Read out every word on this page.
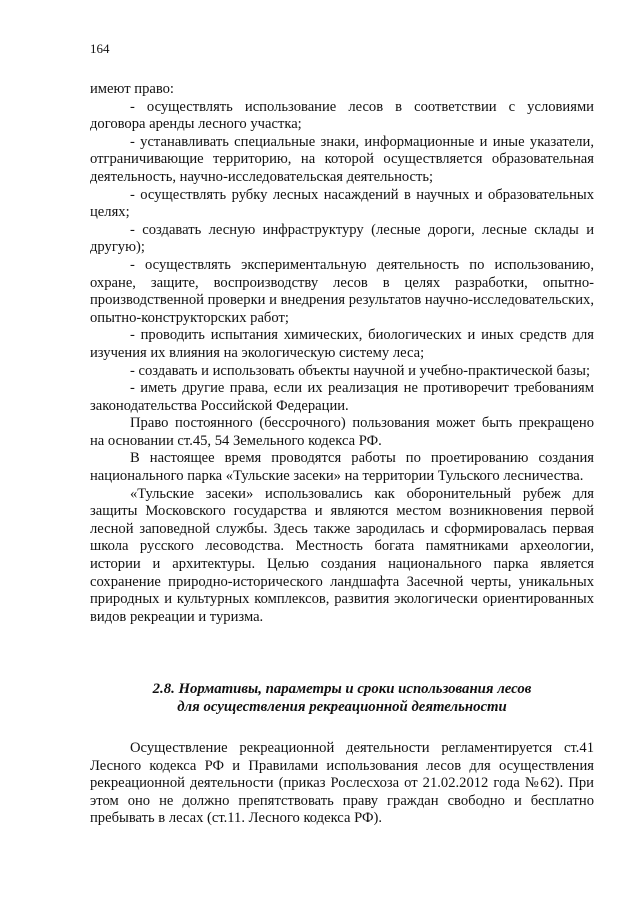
164

имеют право:

- осуществлять использование лесов в соответствии с условиями договора аренды лесного участка;

- устанавливать специальные знаки, информационные и иные указатели, отграничивающие территорию, на которой осуществляется образовательная деятельность, научно-исследовательская деятельность;

- осуществлять рубку лесных насаждений в научных и образовательных целях;

- создавать лесную инфраструктуру (лесные дороги, лесные склады и другую);

- осуществлять экспериментальную деятельность по использованию, охране, защите, воспроизводству лесов в целях разработки, опытно-производственной проверки и внедрения результатов научно-исследовательских, опытно-конструкторских работ;

- проводить испытания химических, биологических и иных средств для изучения их влияния на экологическую систему леса;

- создавать и использовать объекты научной и учебно-практической базы;

- иметь другие права, если их реализация не противоречит требованиям законодательства Российской Федерации.

Право постоянного (бессрочного) пользования может быть прекращено на основании ст.45, 54 Земельного кодекса РФ.

В настоящее время проводятся работы по проетированию создания национального парка «Тульские засеки» на территории Тульского лесничества.

«Тульские засеки» использовались как оборонительный рубеж для защиты Московского государства и являются местом возникновения первой лесной заповедной службы. Здесь также зародилась и сформировалась первая школа русского лесоводства. Местность богата памятниками археологии, истории и архитектуры. Целью создания национального парка является сохранение природно-исторического ландшафта Засечной черты, уникальных природных и культурных комплексов, развития экологически ориентированных видов рекреации и туризма.

2.8. Нормативы, параметры и сроки использования лесов
для осуществления рекреационной деятельности

Осуществление рекреационной деятельности регламентируется ст.41 Лесного кодекса РФ и Правилами использования лесов для осуществления рекреационной деятельности (приказ Рослесхоза от 21.02.2012 года №62). При этом оно не должно препятствовать праву граждан свободно и бесплатно пребывать в лесах (ст.11. Лесного кодекса РФ).
